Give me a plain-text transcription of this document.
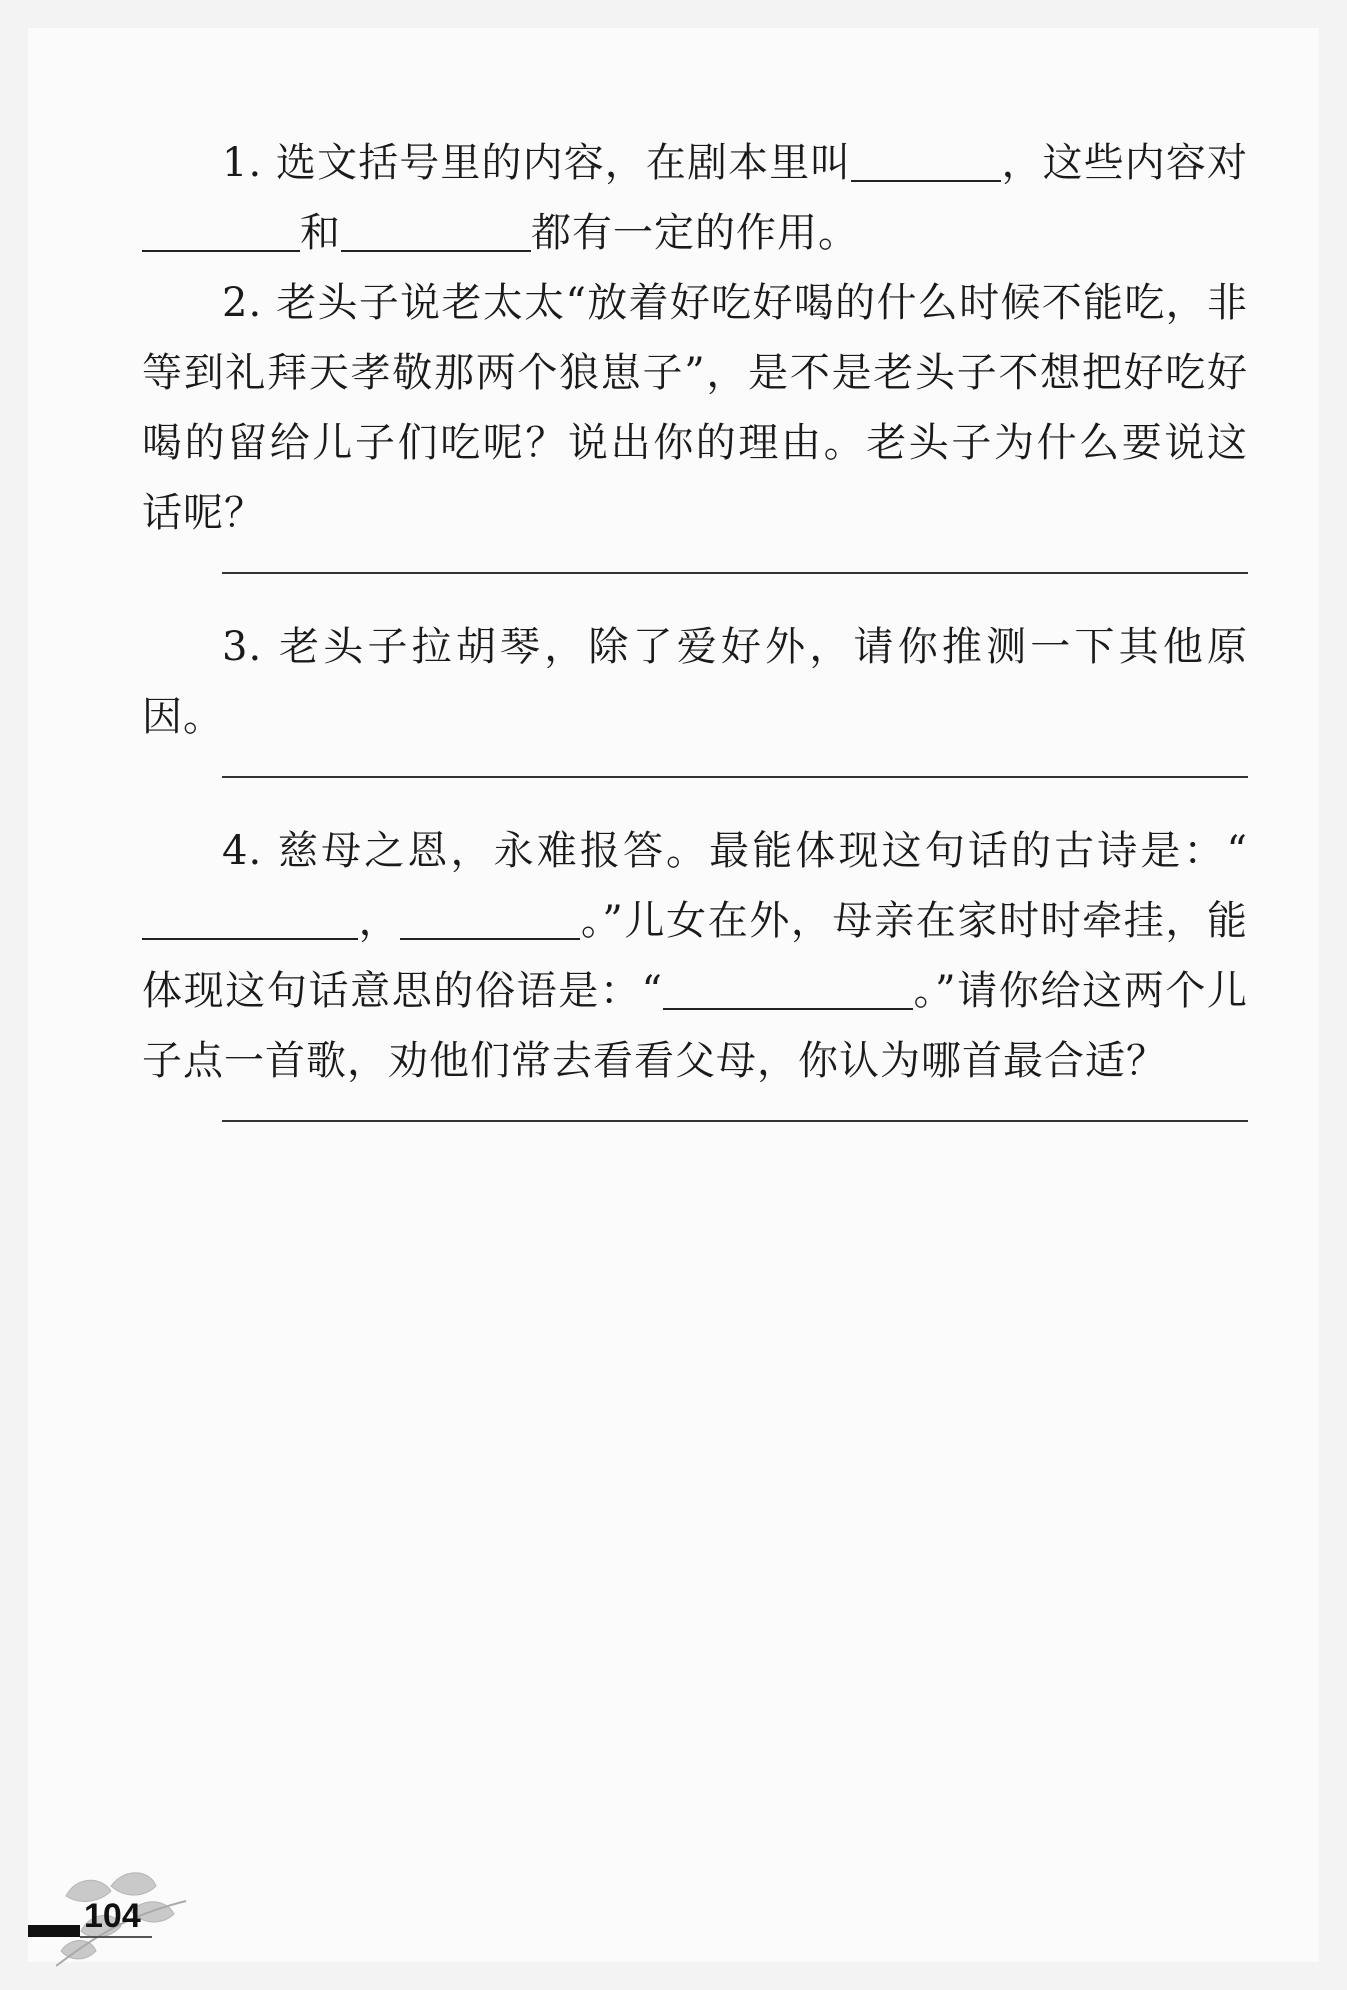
1. 选文括号里的内容，在剧本里叫	，这些内容对和	都有一定的作用。

2. 老头子说老太太“放着好吃好喝的什么时候不能吃，非等到礼拜天孝敬那两个狼崽子”，是不是老头子不想把好吃好喝的留给儿子们吃呢？说出你的理由。老头子为什么要说这话呢？

3. 老头子拉胡琴，除了爱好外，请你推测一下其他原因。

4. 慈母之恩，永难报答。最能体现这句话的古诗是：“，	。”儿女在外，母亲在家时时牵挂，能体现这句话意思的俗语是：“	。”请你给这两个儿子点一首歌，劝他们常去看看父母，你认为哪首最合适？

104
